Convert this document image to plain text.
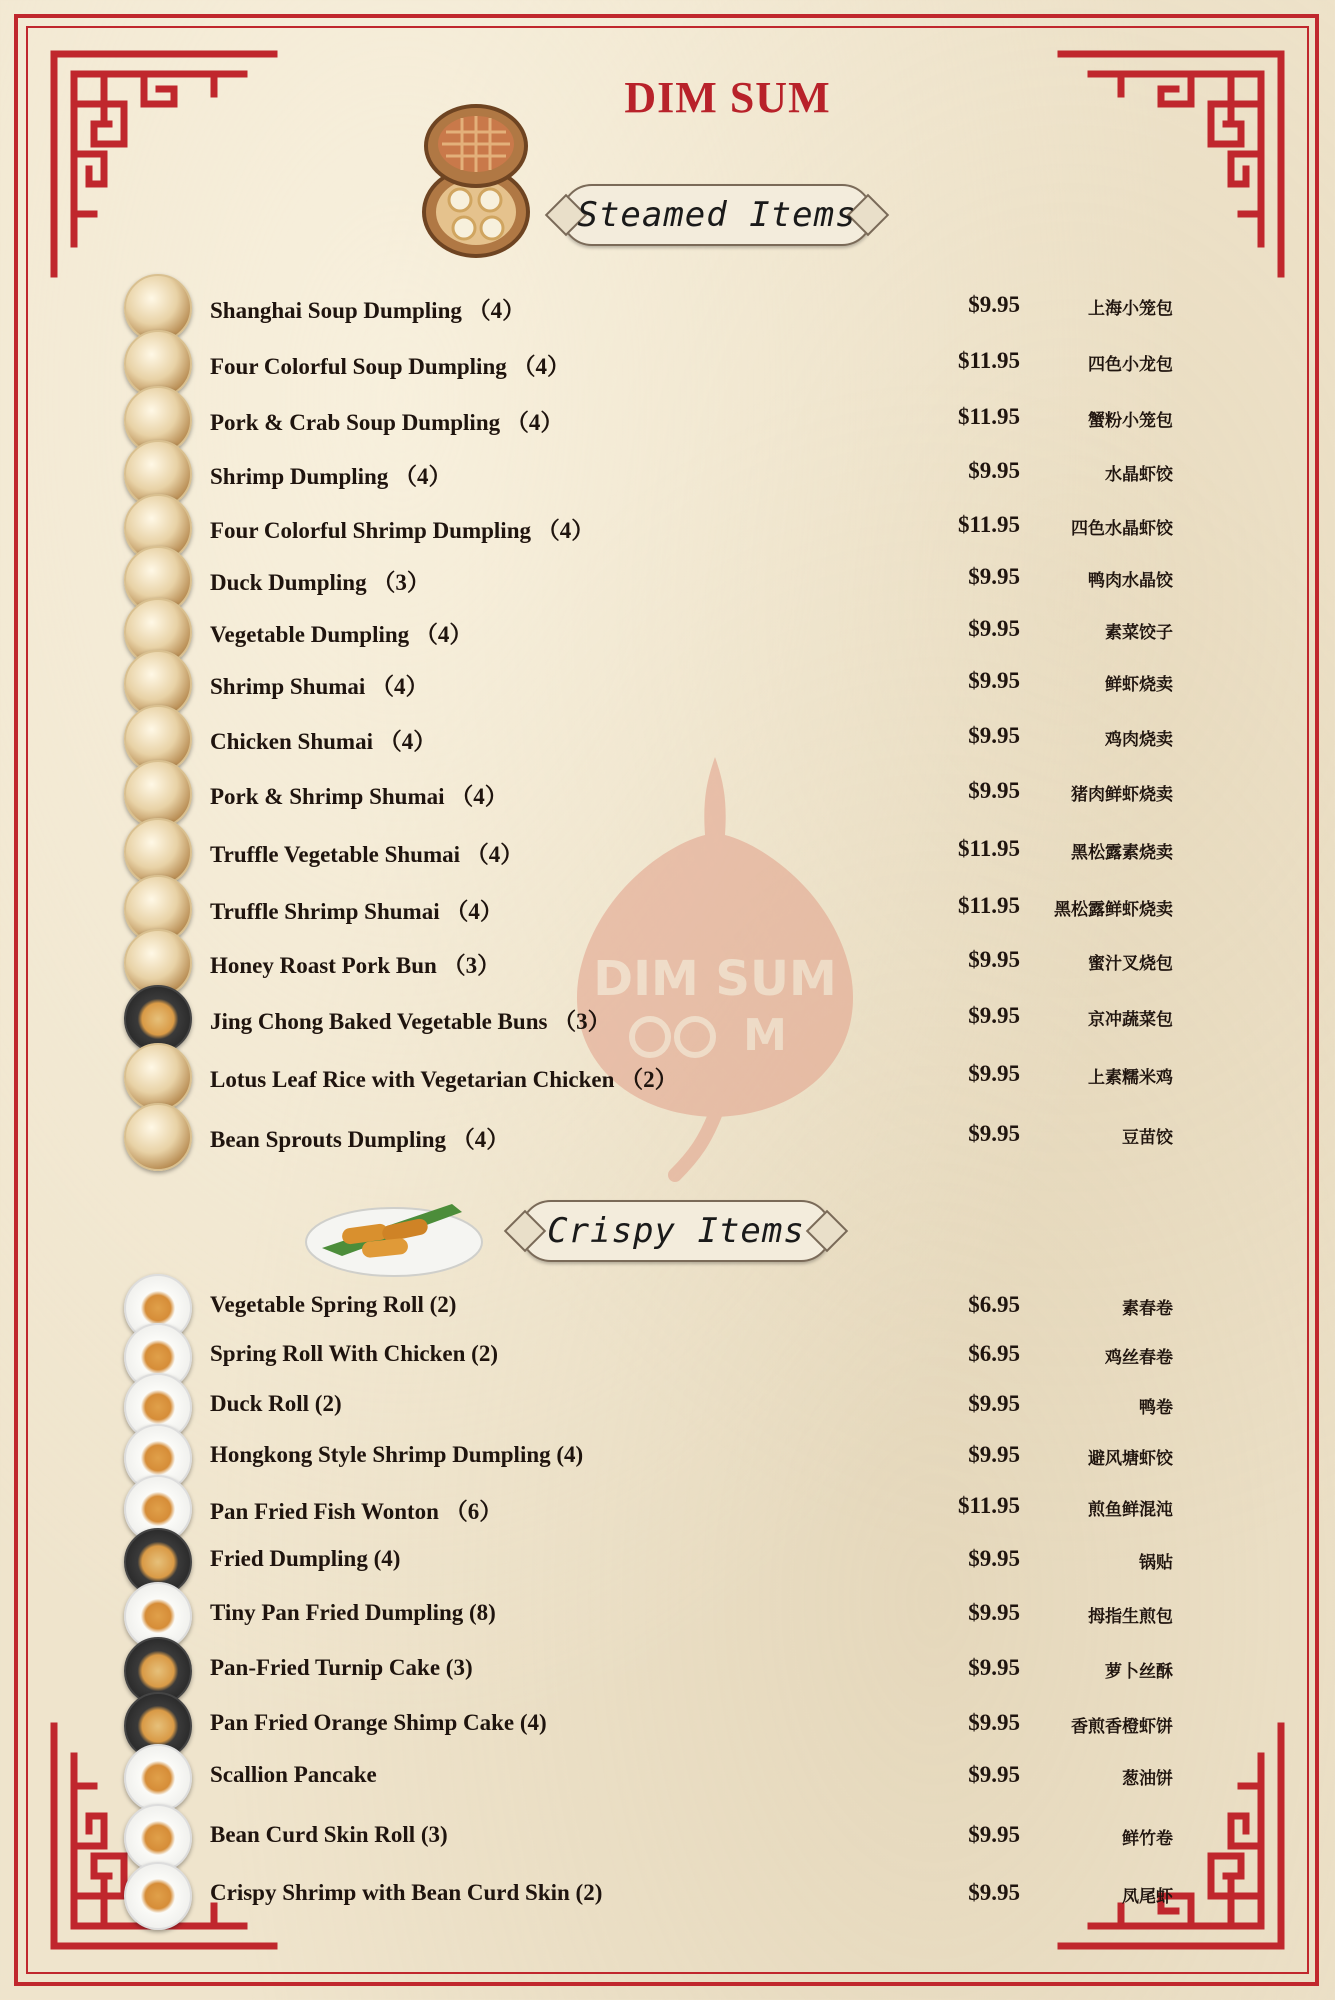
DIM SUM
DIM SUM
M
Steamed Items
Crispy Items
Shanghai Soup Dumpling （4）	$9.95	上海小笼包
Four Colorful Soup Dumpling （4）	$11.95	四色小龙包
Pork & Crab Soup Dumpling （4）	$11.95	蟹粉小笼包
Shrimp Dumpling （4）	$9.95	水晶虾饺
Four Colorful Shrimp Dumpling （4）	$11.95	四色水晶虾饺
Duck Dumpling （3）	$9.95	鸭肉水晶饺
Vegetable Dumpling （4）	$9.95	素菜饺子
Shrimp Shumai （4）	$9.95	鲜虾烧卖
Chicken Shumai （4）	$9.95	鸡肉烧卖
Pork & Shrimp Shumai （4）	$9.95	猪肉鲜虾烧卖
Truffle Vegetable Shumai （4）	$11.95	黑松露素烧卖
Truffle Shrimp Shumai （4）	$11.95 黑松露鲜虾烧卖
Honey Roast Pork Bun （3）	$9.95	蜜汁叉烧包
Jing Chong Baked Vegetable Buns （3）	$9.95	京冲蔬菜包
Lotus Leaf Rice with Vegetarian Chicken （2）	$9.95	上素糯米鸡
Bean Sprouts Dumpling （4）	$9.95	豆苗饺
Vegetable Spring Roll (2)	$6.95	素春卷
Spring Roll With Chicken (2)	$6.95	鸡丝春卷
Duck Roll (2)	$9.95	鸭卷
Hongkong Style Shrimp Dumpling (4)	$9.95	避风塘虾饺
Pan Fried Fish Wonton （6）	$11.95	煎鱼鲜混沌
Fried Dumpling (4)	$9.95	锅贴
Tiny Pan Fried Dumpling (8)	$9.95	拇指生煎包
Pan-Fried Turnip Cake (3)	$9.95	萝卜丝酥
Pan Fried Orange Shimp Cake (4)	$9.95	香煎香橙虾饼
Scallion Pancake	$9.95	葱油饼
Bean Curd Skin Roll (3)	$9.95	鲜竹卷
Crispy Shrimp with Bean Curd Skin (2)	$9.95	凤尾虾
